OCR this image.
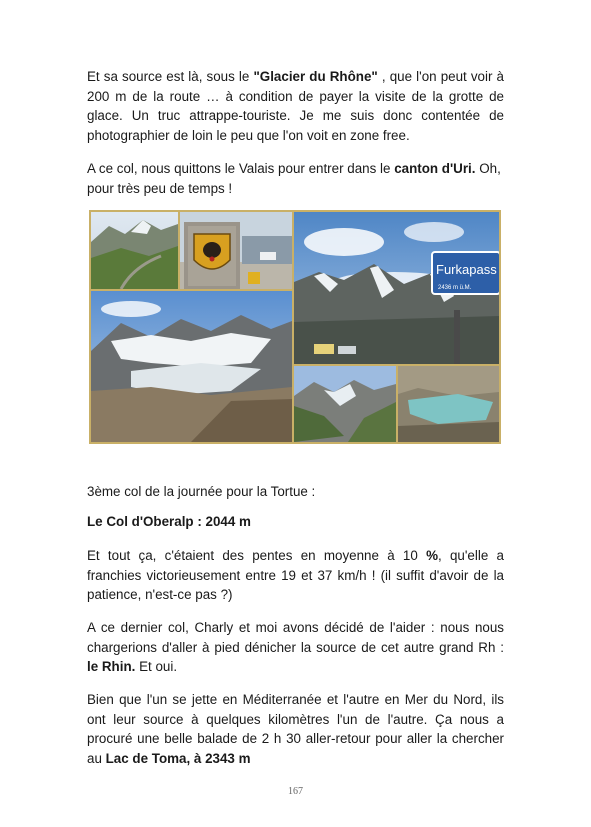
Et sa source est là, sous le "Glacier du Rhône" , que l'on peut voir à 200 m de la route … à condition de payer la visite de la grotte de glace. Un truc attrappe-touriste. Je me suis donc contentée de photographier de loin le peu que l'on voit en zone free.

A ce col, nous quittons le Valais pour entrer dans le canton d'Uri. Oh, pour très peu de temps !

Furkapass
2436 m ü.M.

3ème col de la journée pour la Tortue :

Le Col d'Oberalp : 2044 m

Et tout ça, c'étaient des pentes en moyenne à 10 %, qu'elle a franchies victorieusement entre 19 et 37 km/h ! (il suffit d'avoir de la patience, n'est-ce pas ?)

A ce dernier col, Charly et moi avons décidé de l'aider : nous nous chargerions d'aller à pied dénicher la source de cet autre grand Rh : le Rhin. Et oui.

Bien que l'un se jette en Méditerranée et l'autre en Mer du Nord, ils ont leur source à quelques kilomètres l'un de l'autre. Ça nous a procuré une belle balade de 2 h 30 aller-retour pour aller la chercher au Lac de Toma, à 2343 m

167
